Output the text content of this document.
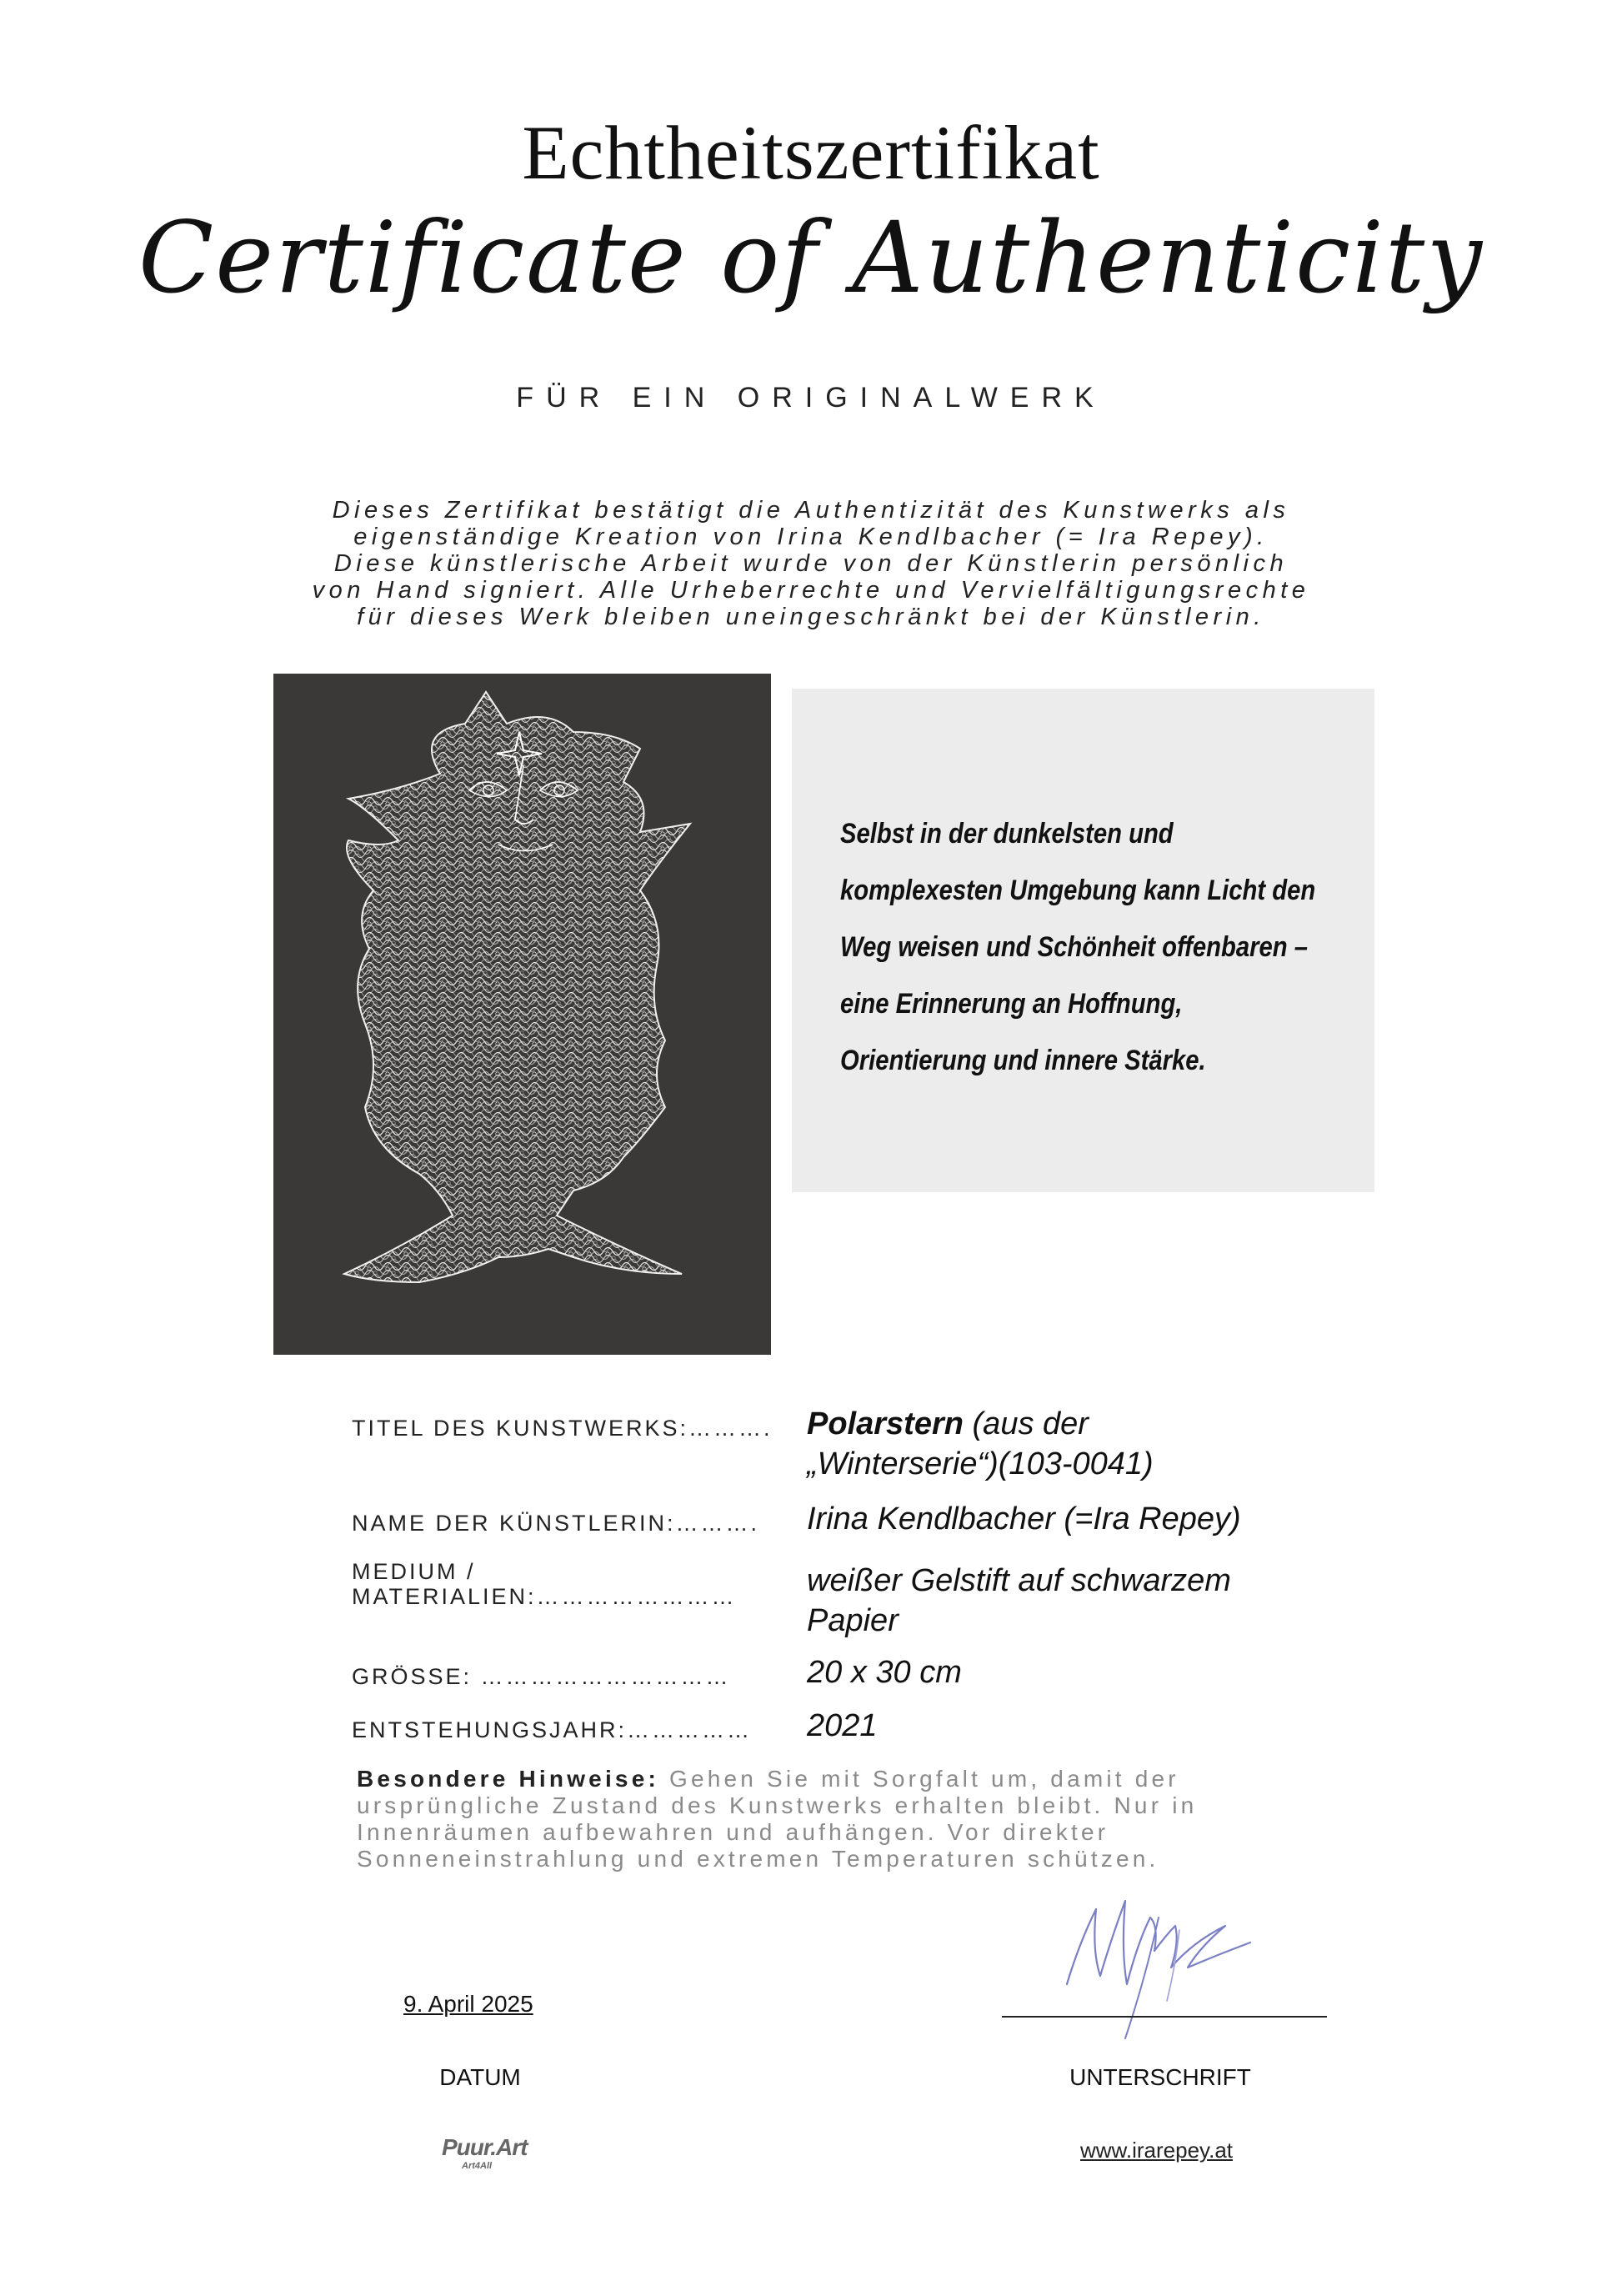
Echtheitszertifikat
Certificate of Authenticity
FÜR EIN ORIGINALWERK
Dieses Zertifikat bestätigt die Authentizität des Kunstwerks als
eigenständige Kreation von Irina Kendlbacher (= Ira Repey).
Diese künstlerische Arbeit wurde von der Künstlerin persönlich
von Hand signiert. Alle Urheberrechte und Vervielfältigungsrechte
für dieses Werk bleiben uneingeschränkt bei der Künstlerin.
Selbst in der dunkelsten und
komplexesten Umgebung kann Licht den
Weg weisen und Schönheit offenbaren –
eine Erinnerung an Hoffnung,
Orientierung und innere Stärke.
TITEL DES KUNSTWERKS:………. Polarstern (aus der
„Winterserie“)(103-0041)
NAME DER KÜNSTLERIN:……….	Irina Kendlbacher (=Ira Repey)
MEDIUM /
MATERIALIEN:……………………	weißer Gelstift auf schwarzem
Papier
GRÖSSE: …………………………	20 x 30 cm
ENTSTEHUNGSJAHR:……………	2021
Besondere Hinweise: Gehen Sie mit Sorgfalt um, damit der ursprüngliche Zustand des Kunstwerks erhalten bleibt. Nur in Innenräumen aufbewahren und aufhängen. Vor direkter Sonneneinstrahlung und extremen Temperaturen schützen.
9. April 2025
DATUM	UNTERSCHRIFT
Puur.Art
Art4All
www.irarepey.at
